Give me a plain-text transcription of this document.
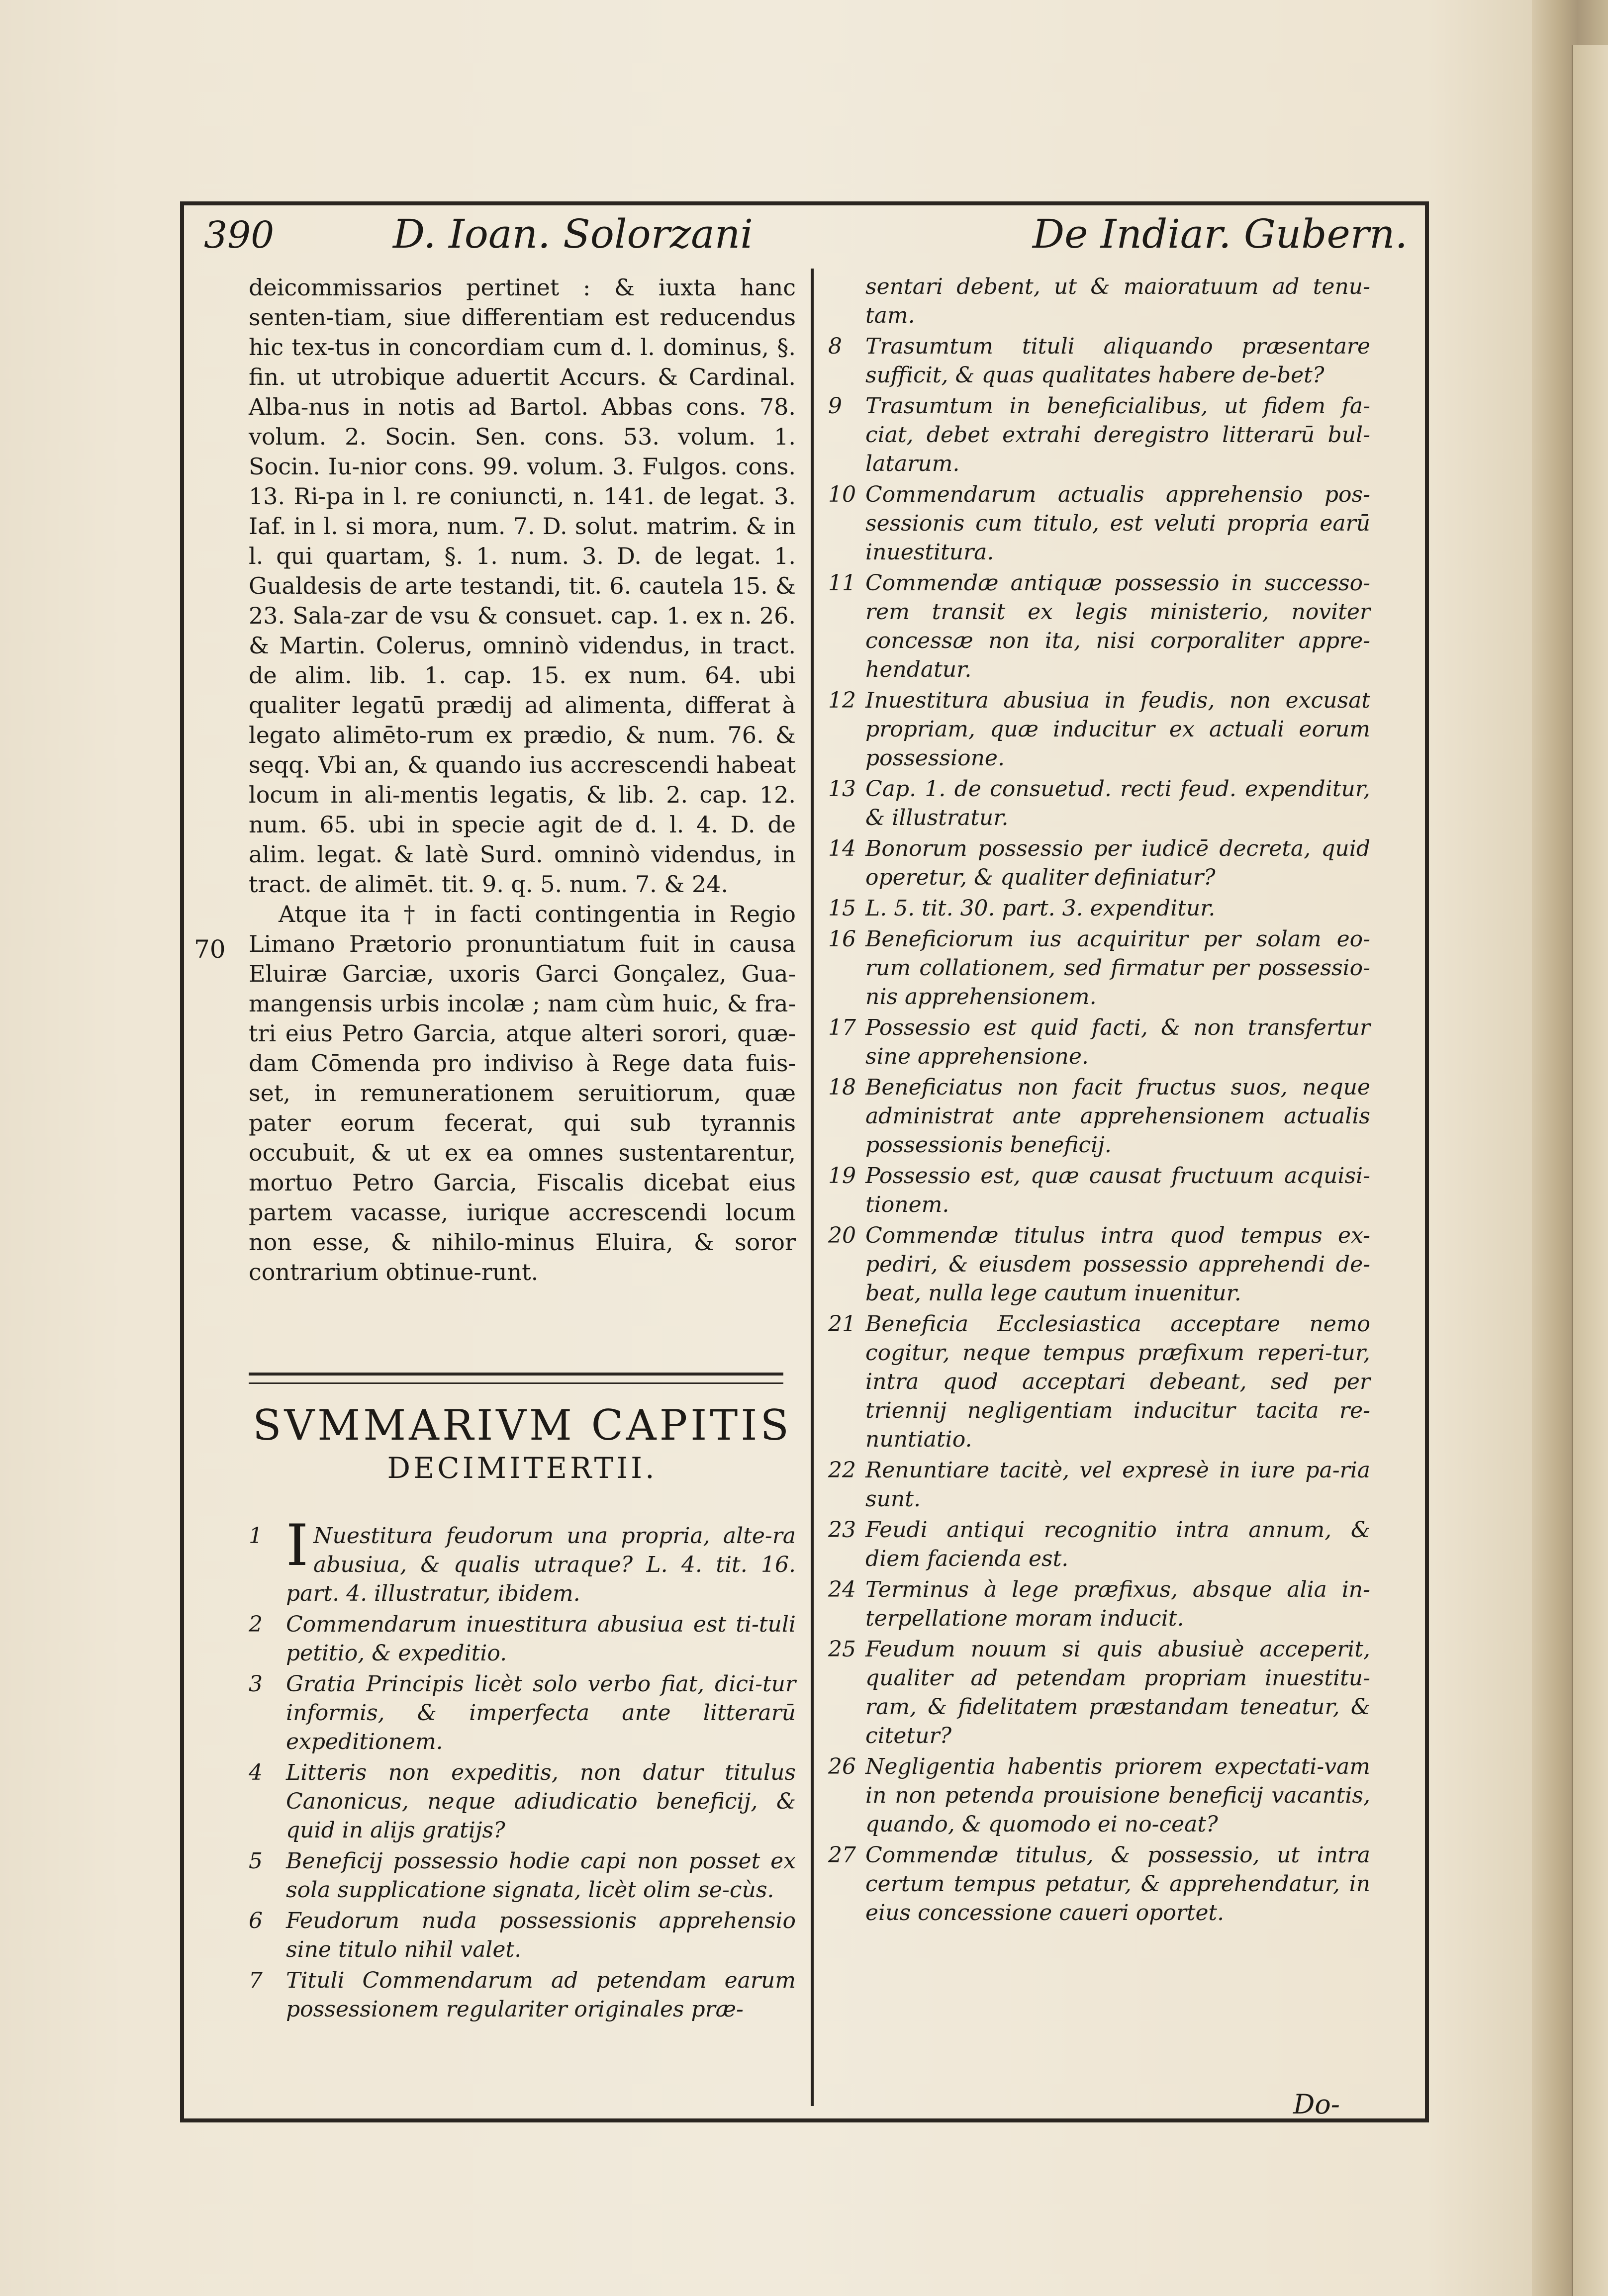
390	D. Ioan. Solorzani	De Indiar. Gubern.

deicommissarios pertinet : & iuxta hanc senten-tiam, siue differentiam est reducendus hic tex-tus in concordiam cum d. l. dominus, §. fin. ut utrobique aduertit Accurs. & Cardinal. Alba-nus in notis ad Bartol. Abbas cons. 78. volum. 2. Socin. Sen. cons. 53. volum. 1. Socin. Iu-nior cons. 99. volum. 3. Fulgos. cons. 13. Ri-pa in l. re coniuncti, n. 141. de legat. 3. Iaf. in l. si mora, num. 7. D. solut. matrim. & in l. qui quartam, §. 1. num. 3. D. de legat. 1. Gualdesis de arte testandi, tit. 6. cautela 15. & 23. Sala-zar de vsu & consuet. cap. 1. ex n. 26. & Martin. Colerus, omninò videndus, in tract. de alim. lib. 1. cap. 15. ex num. 64. ubi qualiter legatū prædij ad alimenta, differat à legato alimēto-rum ex prædio, & num. 76. & seqq. Vbi an, & quando ius accrescendi habeat locum in ali-mentis legatis, & lib. 2. cap. 12. num. 65. ubi in specie agit de d. l. 4. D. de alim. legat. & latè Surd. omninò videndus, in tract. de alimēt. tit. 9. q. 5. num. 7. & 24.

Atque ita † in facti contingentia in Regio Limano Prætorio pronuntiatum fuit in causa Eluiræ Garciæ, uxoris Garci Gonçalez, Gua-mangensis urbis incolæ ; nam cùm huic, & fra-tri eius Petro Garcia, atque alteri sorori, quæ-dam Cōmenda pro indiviso à Rege data fuis-set, in remunerationem seruitiorum, quæ pater eorum fecerat, qui sub tyrannis occubuit, & ut ex ea omnes sustentarentur, mortuo Petro Garcia, Fiscalis dicebat eius partem vacasse, iurique accrescendi locum non esse, & nihilo-minus Eluira, & soror contrarium obtinue-runt.

70
SVMMARIVM CAPITIS
DECIMITERTII.
1 I Nuestitura feudorum una propria, alte-ra abusiua, & qualis utraque? L. 4. tit. 16. part. 4. illustratur, ibidem.
2 Commendarum inuestitura abusiua est ti-tuli petitio, & expeditio.
3 Gratia Principis licèt solo verbo fiat, dici-tur informis, & imperfecta ante litterarū expeditionem.
4 Litteris non expeditis, non datur titulus Canonicus, neque adiudicatio beneficij, & quid in alijs gratijs?
5 Beneficij possessio hodie capi non posset ex sola supplicatione signata, licèt olim se-cùs.
6 Feudorum nuda possessionis apprehensio sine titulo nihil valet.
7 Tituli Commendarum ad petendam earum possessionem regulariter originales præ-
sentari debent, ut & maioratuum ad tenu-tam.
8 Trasumtum tituli aliquando præsentare sufficit, & quas qualitates habere de-bet?
9 Trasumtum in beneficialibus, ut fidem fa-ciat, debet extrahi deregistro litterarū bul-latarum.
10 Commendarum actualis apprehensio pos-sessionis cum titulo, est veluti propria earū inuestitura.
11 Commendæ antiquæ possessio in successo-rem transit ex legis ministerio, noviter concessæ non ita, nisi corporaliter appre-hendatur.
12 Inuestitura abusiua in feudis, non excusat propriam, quæ inducitur ex actuali eorum possessione.
13 Cap. 1. de consuetud. recti feud. expenditur, & illustratur.
14 Bonorum possessio per iudicē decreta, quid operetur, & qualiter definiatur?
15 L. 5. tit. 30. part. 3. expenditur.
16 Beneficiorum ius acquiritur per solam eo-rum collationem, sed firmatur per possessio-nis apprehensionem.
17 Possessio est quid facti, & non transfertur sine apprehensione.
18 Beneficiatus non facit fructus suos, neque administrat ante apprehensionem actualis possessionis beneficij.
19 Possessio est, quæ causat fructuum acquisi-tionem.
20 Commendæ titulus intra quod tempus ex-pediri, & eiusdem possessio apprehendi de-beat, nulla lege cautum inuenitur.
21 Beneficia Ecclesiastica acceptare nemo cogitur, neque tempus præfixum reperi-tur, intra quod acceptari debeant, sed per triennij negligentiam inducitur tacita re-nuntiatio.
22 Renuntiare tacitè, vel expresè in iure pa-ria sunt.
23 Feudi antiqui recognitio intra annum, & diem facienda est.
24 Terminus à lege præfixus, absque alia in-terpellatione moram inducit.
25 Feudum nouum si quis abusiuè acceperit, qualiter ad petendam propriam inuestitu-ram, & fidelitatem præstandam teneatur, & citetur?
26 Negligentia habentis priorem expectati-vam in non petenda prouisione beneficij vacantis, quando, & quomodo ei no-ceat?
27 Commendæ titulus, & possessio, ut intra certum tempus petatur, & apprehendatur, in eius concessione caueri oportet.
Do-
